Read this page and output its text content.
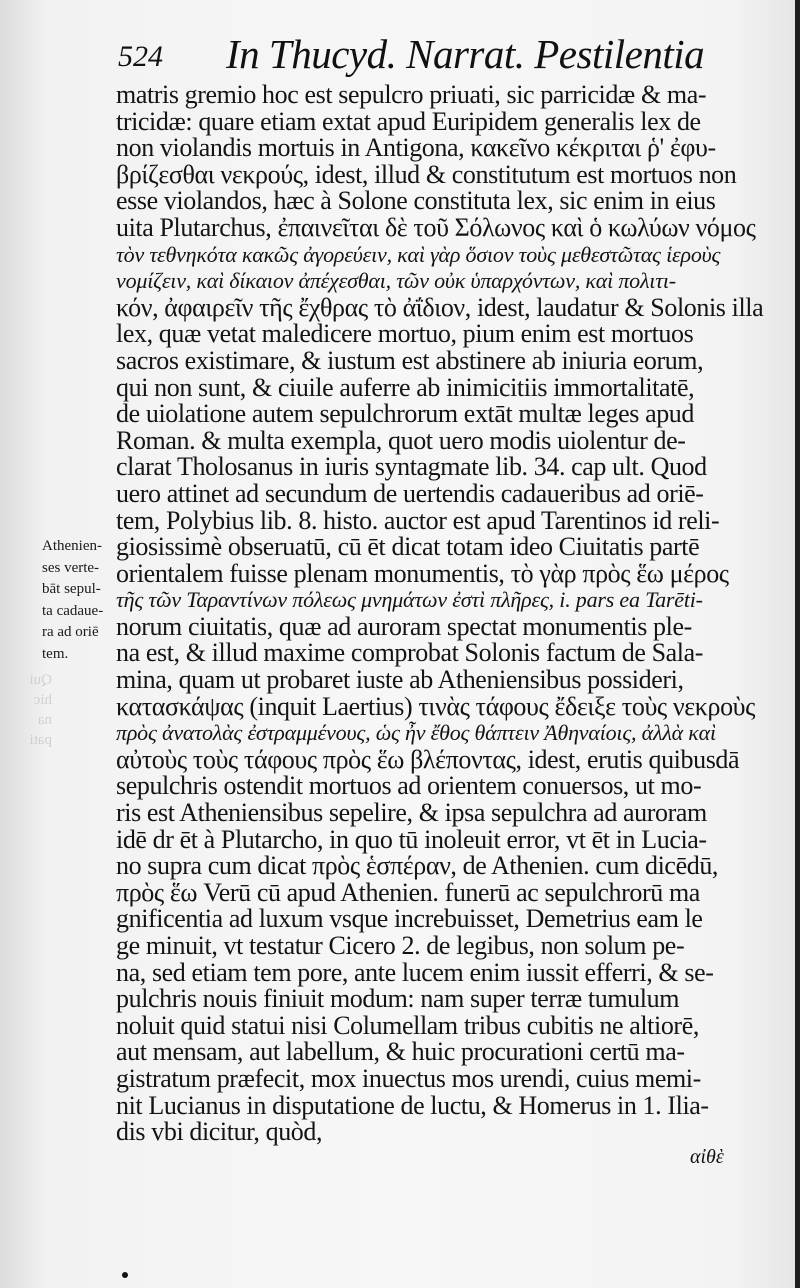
Qui
hic
na
pati
524 In Thucyd. Narrat. Pestilentia
Athenien-
ses verte-
bāt sepul-
ta cadaue-
ra ad oriē
tem.
matris gremio hoc est sepulcro priuati, sic parricidæ & ma-
tricidæ: quare etiam extat apud Euripidem generalis lex de
non violandis mortuis in Antigona, κακεῖνο κέκριται ῥ' ἐφυ-
βρίζεσθαι νεκρούς, idest, illud & constitutum est mortuos non
esse violandos, hæc à Solone constituta lex, sic enim in eius
uita Plutarchus, ἐπαινεῖται δὲ τοῦ Σόλωνος καὶ ὁ κωλύων νόμος
τὸν τεθνηκότα κακῶς ἀγορεύειν, καὶ γὰρ ὅσιον τοὺς μεθεστῶτας ἱεροὺς
νομίζειν, καὶ δίκαιον ἀπέχεσθαι, τῶν οὐκ ὑπαρχόντων, καὶ πολιτι-
κόν, ἀφαιρεῖν τῆς ἔχθρας τὸ ἀΐδιον, idest, laudatur & Solonis illa
lex, quæ vetat maledicere mortuo, pium enim est mortuos
sacros existimare, & iustum est abstinere ab iniuria eorum,
qui non sunt, & ciuile auferre ab inimicitiis immortalitatē,
de uiolatione autem sepulchrorum extāt multæ leges apud
Roman. & multa exempla, quot uero modis uiolentur de-
clarat Tholosanus in iuris syntagmate lib. 34. cap ult. Quod
uero attinet ad secundum de uertendis cadaueribus ad oriē-
tem, Polybius lib. 8. histo. auctor est apud Tarentinos id reli-
giosissimè obseruatū, cū ēt dicat totam ideo Ciuitatis partē
orientalem fuisse plenam monumentis, τὸ γὰρ πρὸς ἕω μέρος
τῆς τῶν Ταραντίνων πόλεως μνημάτων ἐστὶ πλῆρες, i. pars ea Tarēti-
norum ciuitatis, quæ ad auroram spectat monumentis ple-
na est, & illud maxime comprobat Solonis factum de Sala-
mina, quam ut probaret iuste ab Atheniensibus possideri,
κατασκάψας (inquit Laertius) τινὰς τάφους ἔδειξε τοὺς νεκροὺς
πρὸς ἀνατολὰς ἐστραμμένους, ὡς ἦν ἔθος θάπτειν Ἀθηναίοις, ἀλλὰ καὶ
αὐτοὺς τοὺς τάφους πρὸς ἕω βλέποντας, idest, erutis quibusdā
sepulchris ostendit mortuos ad orientem conuersos, ut mo-
ris est Atheniensibus sepelire, & ipsa sepulchra ad auroram
idē dr ēt à Plutarcho, in quo tū inoleuit error, vt ēt in Lucia-
no supra cum dicat πρὸς ἑσπέραν, de Athenien. cum dicēdū,
πρὸς ἕω Verū cū apud Athenien. funerū ac sepulchrorū ma
gnificentia ad luxum vsque increbuisset, Demetrius eam le
ge minuit, vt testatur Cicero 2. de legibus, non solum pe-
na, sed etiam tem pore, ante lucem enim iussit efferri, & se-
pulchris nouis finiuit modum: nam super terræ tumulum
noluit quid statui nisi Columellam tribus cubitis ne altiorē,
aut mensam, aut labellum, & huic procurationi certū ma-
gistratum præfecit, mox inuectus mos urendi, cuius memi-
nit Lucianus in disputatione de luctu, & Homerus in 1. Ilia-
dis vbi dicitur, quòd,
αἰθὲ
